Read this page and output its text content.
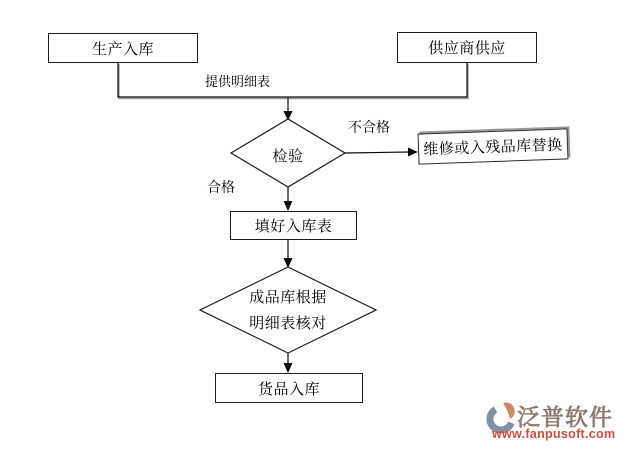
生产入库	供应商供应
维修或入残品库替换
填好入库表
货品入库
检验
成品库根据
明细表核对
提供明细表
不合格
合格
泛普软件
www.fanpusoft.com
